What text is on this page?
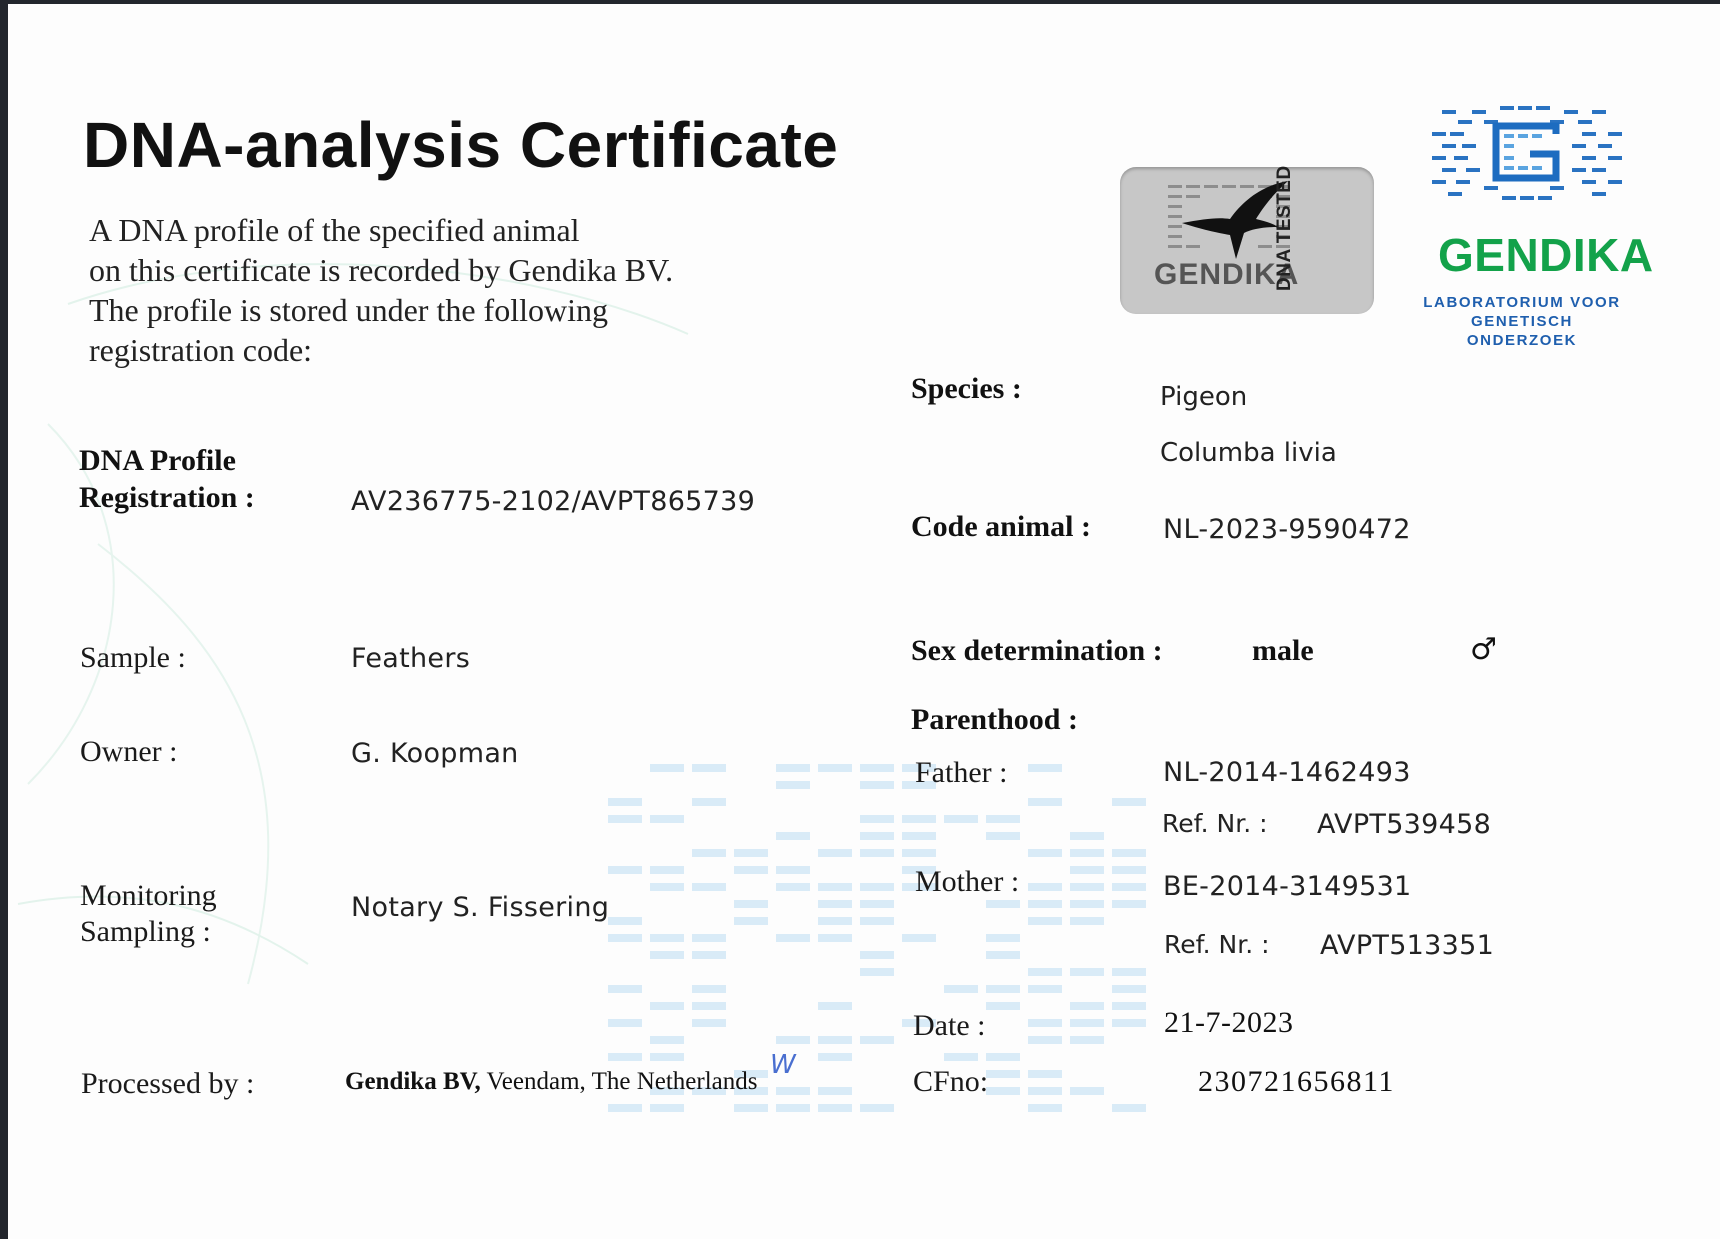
DNA-analysis Certificate
A DNA profile of the specified animal
on this certificate is recorded by Gendika BV.
The profile is stored under the following
registration code:
GENDIKA
DNA TESTED	GENDIKA
LABORATORIUM VOOR
GENETISCH ONDERZOEK
DNA Profile
Registration :	AV236775-2102/AVPT865739
Sample :	Feathers
Owner :	G. Koopman
Monitoring
Sampling :
Notary S. Fissering
Processed by :	Gendika BV, Veendam, The Netherlands
W
Species :	Pigeon
Columba livia
Code animal :	NL-2023-9590472
Sex determination :	male	♂
Parenthood :
Father :	NL-2014-1462493
Ref. Nr. : AVPT539458
Mother :	BE-2014-3149531
Ref. Nr. : AVPT513351
Date :	21-7-2023
CFno:	230721656811
